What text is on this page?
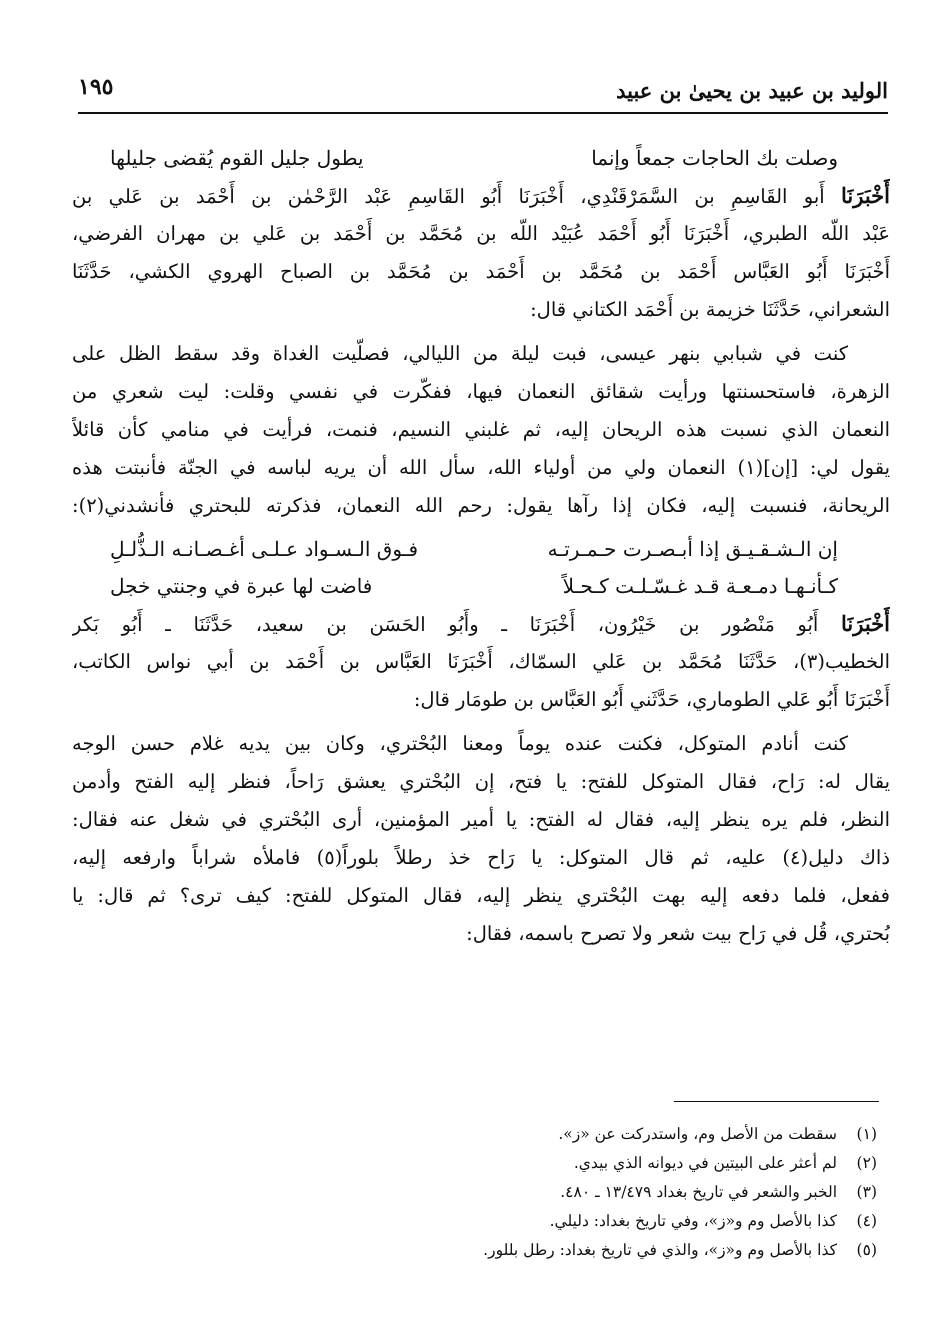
الوليد بن عبيد بن يحيىٰ بن عبيد
١٩٥
وصلت بك الحاجات جمعاً وإنما
يطول جليل القوم يُقضى جليلها
أَخْبَرَنَا أَبو القَاسِمِ بن السَّمَرْقَنْدِي، أَخْبَرَنَا أَبُو القَاسِمِ عَبْد الرَّحْمٰن بن أَحْمَد بن عَلي بن
عَبْد اللّه الطبري، أَخْبَرَنَا أَبُو أَحْمَد عُبَيْد اللّه بن مُحَمَّد بن أَحْمَد بن عَلي بن مهران الفرضي،
أَخْبَرَنَا أَبُو العَبَّاس أَحْمَد بن مُحَمَّد بن أَحْمَد بن مُحَمَّد بن الصباح الهروي الكشي، حَدَّثَنَا
الشعراني، حَدَّثَنَا خزيمة بن أَحْمَد الكتاني قال:
كنت في شبابي بنهر عيسى، فبت ليلة من الليالي، فصلّيت الغداة وقد سقط الظل على
الزهرة، فاستحسنتها ورأيت شقائق النعمان فيها، ففكّرت في نفسي وقلت: ليت شعري من
النعمان الذي نسبت هذه الريحان إليه، ثم غلبني النسيم، فنمت، فرأيت في منامي كأن قائلاً
يقول لي: [إن](١) النعمان ولي من أولياء الله، سأل الله أن يريه لباسه في الجنّة فأنبتت هذه
الريحانة، فنسبت إليه، فكان إذا رآها يقول: رحم الله النعمان، فذكرته للبحتري فأنشدني(٢):
إن الـشـقـيـق إذا أبـصـرت حـمـرتـه
فـوق الـسـواد عـلـى أغـصـانـه الـذُّلـلِ
كـأنـهـا دمـعـة قـد غـسّـلـت كـحـلاً
فاضت لها عبرة في وجنتي خجل
أَخْبَرَنَا أَبُو مَنْصُور بن خَيْرُون، أَخْبَرَنَا ـ وأَبُو الحَسَن بن سعيد، حَدَّثَنَا ـ أَبُو بَكر
الخطيب(٣)، حَدَّثَنَا مُحَمَّد بن عَلي السمّاك، أَخْبَرَنَا العَبَّاس بن أَحْمَد بن أبي نواس الكاتب،
أَخْبَرَنَا أَبُو عَلي الطوماري، حَدَّثَني أَبُو العَبَّاس بن طومَار قال:
كنت أنادم المتوكل، فكنت عنده يوماً ومعنا البُحْتري، وكان بين يديه غلام حسن الوجه
يقال له: رَاح، فقال المتوكل للفتح: يا فتح، إن البُحْتري يعشق رَاحاً، فنظر إليه الفتح وأدمن
النظر، فلم يره ينظر إليه، فقال له الفتح: يا أمير المؤمنين، أرى البُحْتري في شغل عنه فقال:
ذاك دليل(٤) عليه، ثم قال المتوكل: يا رَاح خذ رطلاً بلوراً(٥) فاملأه شراباً وارفعه إليه،
ففعل، فلما دفعه إليه بهت البُحْتري ينظر إليه، فقال المتوكل للفتح: كيف ترى؟ ثم قال: يا
بُحتري، قُل في رَاح بيت شعر ولا تصرح باسمه، فقال:
(١)
سقطت من الأصل وم، واستدركت عن «ز».
(٢)
لم أعثر على البيتين في ديوانه الذي بيدي.
(٣)
الخبر والشعر في تاريخ بغداد ١٣/٤٧٩ ـ ٤٨٠.
(٤)
كذا بالأصل وم و«ز»، وفي تاريخ بغداد: دليلي.
(٥)
كذا بالأصل وم و«ز»، والذي في تاريخ بغداد: رطل بللور.
